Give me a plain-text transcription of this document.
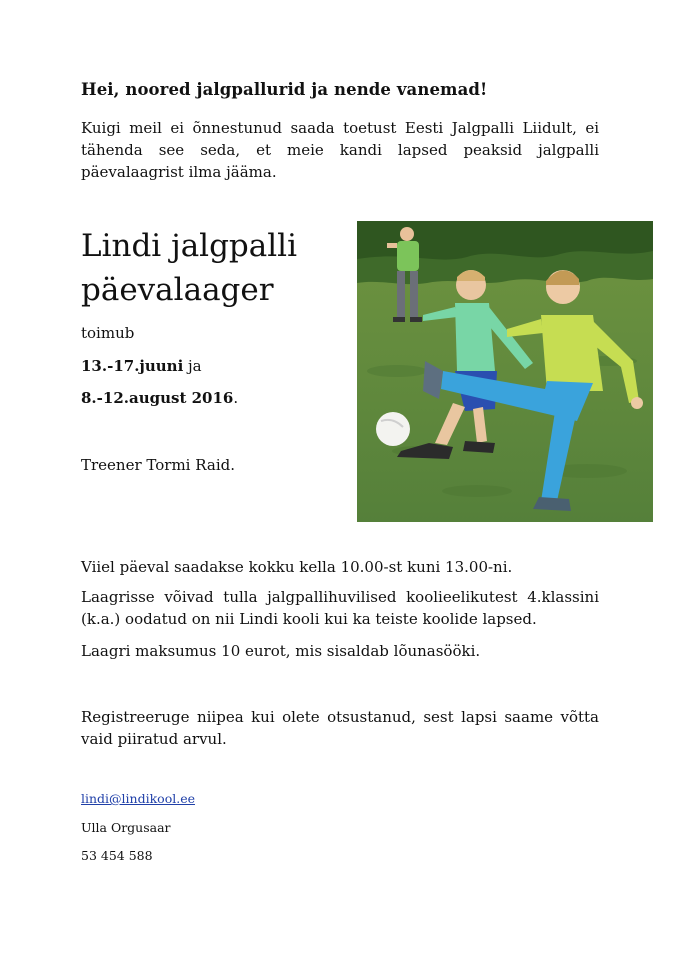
Hei, noored jalgpallurid ja nende vanemad!
Kuigi meil ei õnnestunud saada toetust Eesti Jalgpalli Liidult, ei
tähenda see seda, et meie kandi lapsed peaksid jalgpalli
päevalaagrist ilma jääma.
Lindi jalgpalli
päevalaager
toimub
13.-17.juuni ja
8.-12.august 2016.
Treener Tormi Raid.
Viiel päeval saadakse kokku kella 10.00-st kuni 13.00-ni.
Laagrisse võivad tulla jalgpallihuvilised koolieelikutest 4.klassini
(k.a.) oodatud on nii Lindi kooli kui ka teiste koolide lapsed.
Laagri maksumus 10 eurot, mis sisaldab lõunasööki.
Registreeruge niipea kui olete otsustanud, sest lapsi saame võtta
vaid piiratud arvul.
lindi@lindikool.ee
Ulla Orgusaar
53 454 588
